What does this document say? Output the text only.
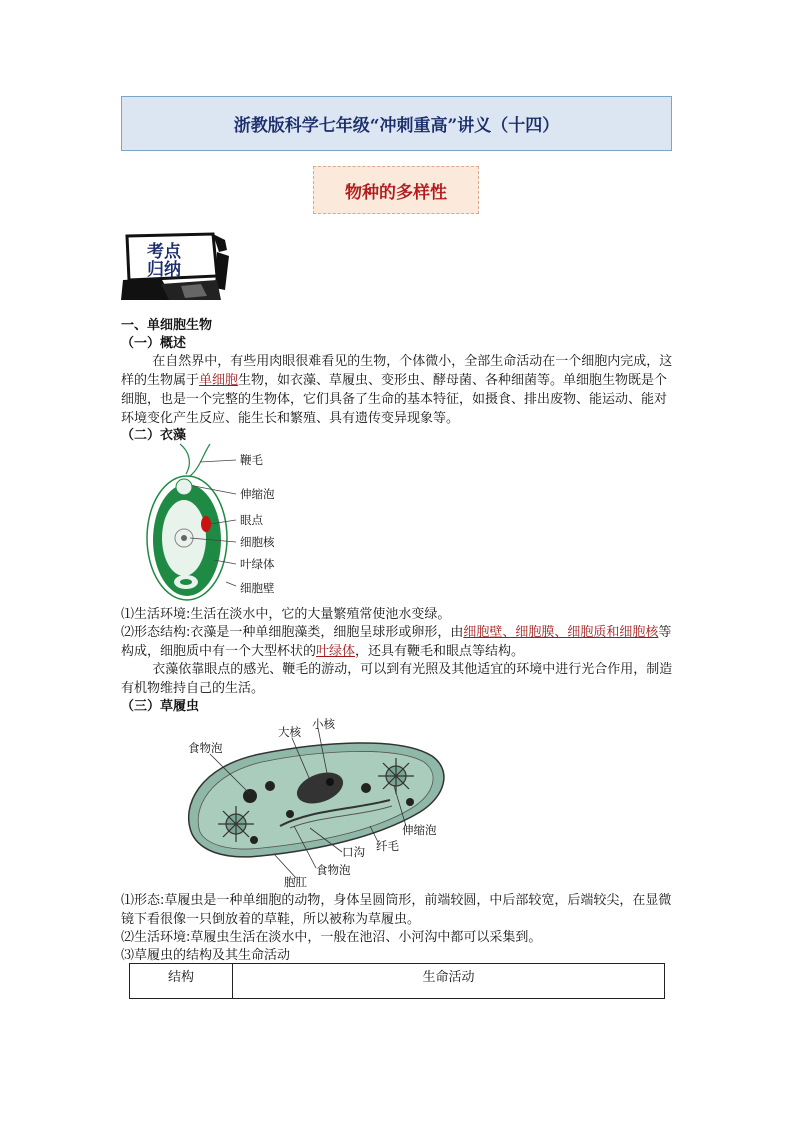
浙教版科学七年级“冲刺重高”讲义（十四）
物种的多样性
考点
归纳
一、单细胞生物
（一）概述
在自然界中，有些用肉眼很难看见的生物，个体微小，全部生命活动在一个细胞内完成，这样的生物属于单细胞生物，如衣藻、草履虫、变形虫、酵母菌、各种细菌等。单细胞生物既是个细胞，也是一个完整的生物体，它们具备了生命的基本特征，如摄食、排出废物、能运动、能对环境变化产生反应、能生长和繁殖、具有遗传变异现象等。
（二）衣藻
鞭毛
伸缩泡
眼点
细胞核
叶绿体
细胞壁
⑴生活环境:生活在淡水中，它的大量繁殖常使池水变绿。
⑵形态结构:衣藻是一种单细胞藻类，细胞呈球形或卵形，由细胞壁、细胞膜、细胞质和细胞核等构成，细胞质中有一个大型杯状的叶绿体，还具有鞭毛和眼点等结构。
衣藻依靠眼点的感光、鞭毛的游动，可以到有光照及其他适宜的环境中进行光合作用，制造有机物维持自己的生活。
（三）草履虫
食物泡
大核
小核
伸缩泡
纤毛
口沟
食物泡
胞肛
⑴形态:草履虫是一种单细胞的动物，身体呈圆筒形，前端较圆，中后部较宽，后端较尖，在显微镜下看很像一只倒放着的草鞋，所以被称为草履虫。
⑵生活环境:草履虫生活在淡水中，一般在池沼、小河沟中都可以采集到。
⑶草履虫的结构及其生命活动
结构	生命活动
